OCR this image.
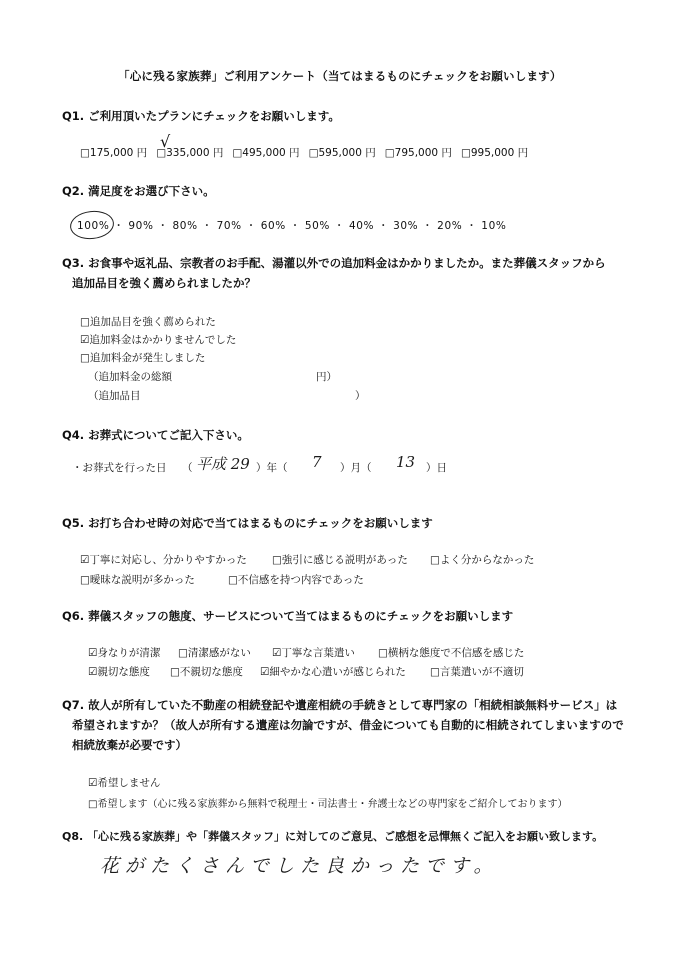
「心に残る家族葬」ご利用アンケート（当てはまるものにチェックをお願いします）
Q1. ご利用頂いたプランにチェックをお願いします。
□175,000 円 □335,000 円 □495,000 円 □595,000 円 □795,000 円 □995,000 円
√
Q2. 満足度をお選び下さい。
100% ・ 90% ・ 80% ・ 70% ・ 60% ・ 50% ・ 40% ・ 30% ・ 20% ・ 10%
Q3. お食事や返礼品、宗教者のお手配、湯灌以外での追加料金はかかりましたか。また葬儀スタッフから
追加品目を強く薦められましたか？
□追加品目を強く薦められた
☑追加料金はかかりませんでした
□追加料金が発生しました
（追加料金の総額	円）
（追加品目	）
Q4. お葬式についてご記入下さい。
・お葬式を行った日 （ 平成 29 ）年（ 7 ）月（ 13 ）日
Q5. お打ち合わせ時の対応で当てはまるものにチェックをお願いします
☑丁寧に対応し、分かりやすかった □強引に感じる説明があった □よく分からなかった
□曖昧な説明が多かった	□不信感を持つ内容であった
Q6. 葬儀スタッフの態度、サービスについて当てはまるものにチェックをお願いします
☑身なりが清潔 □清潔感がない ☑丁寧な言葉遣い □横柄な態度で不信感を感じた
☑親切な態度 □不親切な態度 ☑細やかな心遣いが感じられた □言葉遣いが不適切
Q7. 故人が所有していた不動産の相続登記や遺産相続の手続きとして専門家の「相続相談無料サービス」は
希望されますか？（故人が所有する遺産は勿論ですが、借金についても自動的に相続されてしまいますので
相続放棄が必要です）
☑希望しません
□希望します（心に残る家族葬から無料で税理士・司法書士・弁護士などの専門家をご紹介しております）
Q8. 「心に残る家族葬」や「葬儀スタッフ」に対してのご意見、ご感想を忌憚無くご記入をお願い致します。
花がたくさんでした良かったです。
